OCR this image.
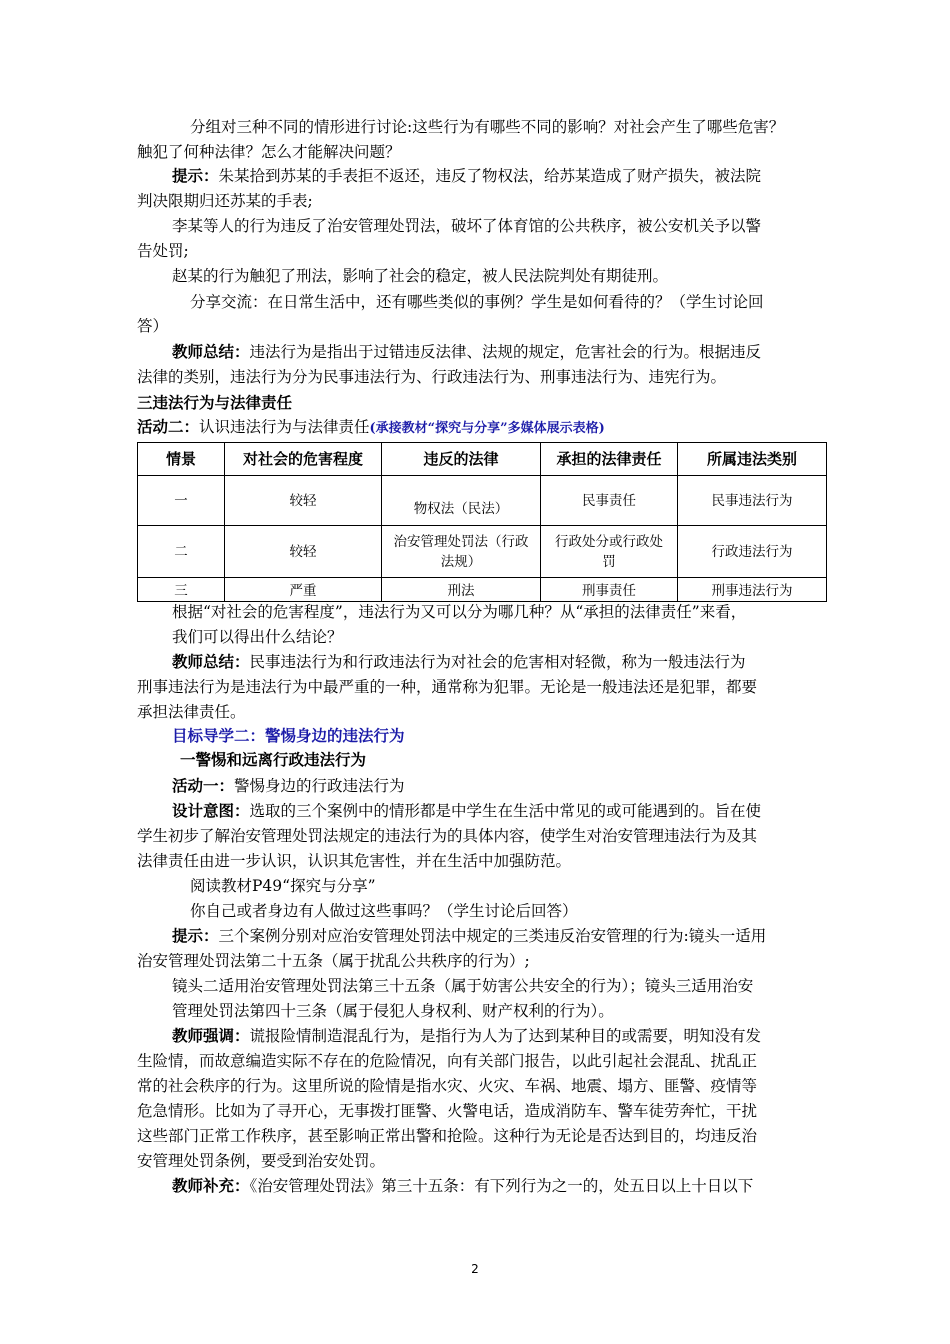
分组对三种不同的情形进行讨论:这些行为有哪些不同的影响？对社会产生了哪些危害？
触犯了何种法律？怎么才能解决问题？
提示：朱某拾到苏某的手表拒不返还，违反了物权法，给苏某造成了财产损失，被法院
判决限期归还苏某的手表;
李某等人的行为违反了治安管理处罚法，破坏了体育馆的公共秩序，被公安机关予以警
告处罚;
赵某的行为触犯了刑法，影响了社会的稳定，被人民法院判处有期徒刑。
分享交流：在日常生活中，还有哪些类似的事例？学生是如何看待的？（学生讨论回
答）
教师总结：违法行为是指出于过错违反法律、法规的规定，危害社会的行为。根据违反
法律的类别，违法行为分为民事违法行为、行政违法行为、刑事违法行为、违宪行为。
三违法行为与法律责任
活动二：认识违法行为与法律责任(承接教材“探究与分享”多媒体展示表格)
情景	对社会的危害程度	违反的法律	承担的法律责任	所属违法类别
一	较轻	物权法（民法）	民事责任	民事违法行为
二	较轻	治安管理处罚法（行政法规）	行政处分或行政处罚	行政违法行为
三	严重	刑法	刑事责任	刑事违法行为
根据“对社会的危害程度”，违法行为又可以分为哪几种？从“承担的法律责任”来看，
我们可以得出什么结论？
教师总结：民事违法行为和行政违法行为对社会的危害相对轻微，称为一般违法行为
刑事违法行为是违法行为中最严重的一种，通常称为犯罪。无论是一般违法还是犯罪，都要
承担法律责任。
目标导学二：警惕身边的违法行为
一警惕和远离行政违法行为
活动一：警惕身边的行政违法行为
设计意图：选取的三个案例中的情形都是中学生在生活中常见的或可能遇到的。旨在使
学生初步了解治安管理处罚法规定的违法行为的具体内容，使学生对治安管理违法行为及其
法律责任由进一步认识，认识其危害性，并在生活中加强防范。
阅读教材P49“探究与分享”
你自己或者身边有人做过这些事吗？（学生讨论后回答）
提示：三个案例分别对应治安管理处罚法中规定的三类违反治安管理的行为:镜头一适用
治安管理处罚法第二十五条（属于扰乱公共秩序的行为）;
镜头二适用治安管理处罚法第三十五条（属于妨害公共安全的行为）；镜头三适用治安
管理处罚法第四十三条（属于侵犯人身权利、财产权利的行为）。
教师强调：谎报险情制造混乱行为，是指行为人为了达到某种目的或需要，明知没有发
生险情，而故意编造实际不存在的危险情况，向有关部门报告，以此引起社会混乱、扰乱正
常的社会秩序的行为。这里所说的险情是指水灾、火灾、车祸、地震、塌方、匪警、疫情等
危急情形。比如为了寻开心，无事拨打匪警、火警电话，造成消防车、警车徒劳奔忙，干扰
这些部门正常工作秩序，甚至影响正常出警和抢险。这种行为无论是否达到目的，均违反治
安管理处罚条例，要受到治安处罚。
教师补充：《治安管理处罚法》第三十五条：有下列行为之一的，处五日以上十日以下
2
